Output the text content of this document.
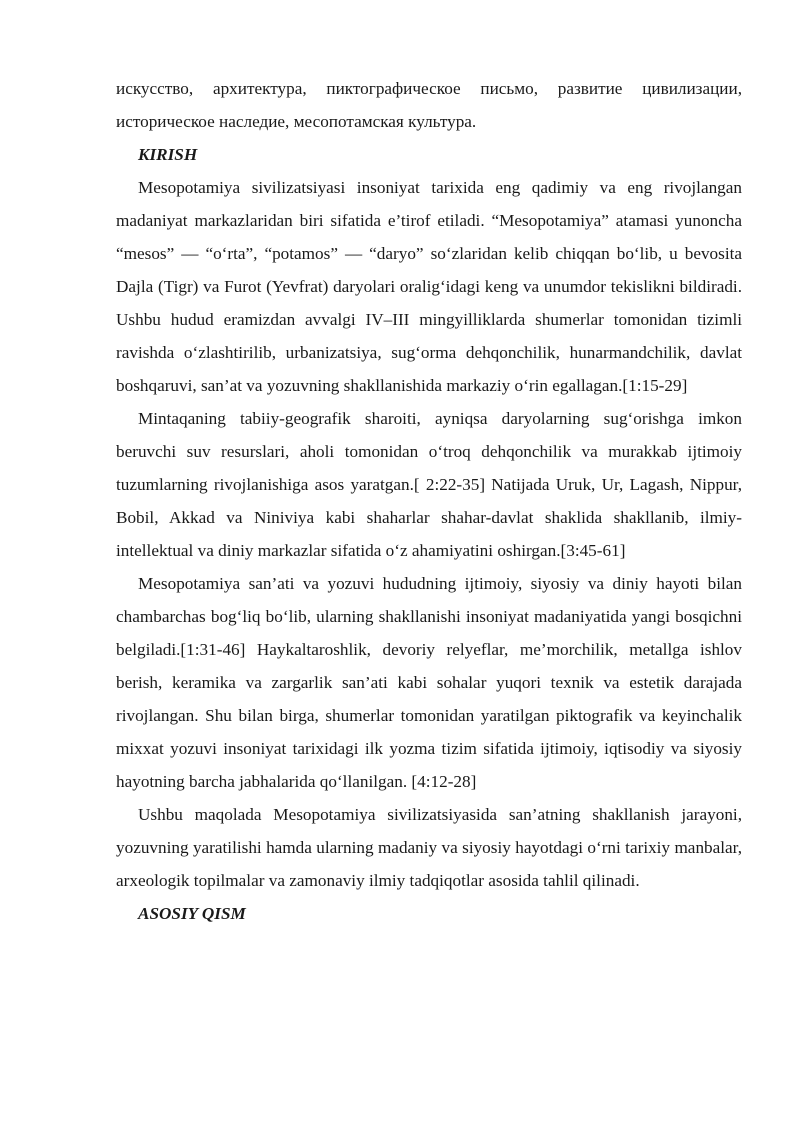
искусство, архитектура, пиктографическое письмо, развитие цивилизации, историческое наследие, месопотамская культура.

KIRISH

Mesopotamiya sivilizatsiyasi insoniyat tarixida eng qadimiy va eng rivojlangan madaniyat markazlaridan biri sifatida e’tirof etiladi. “Mesopotamiya” atamasi yunoncha “mesos” — “o‘rta”, “potamos” — “daryo” so‘zlaridan kelib chiqqan bo‘lib, u bevosita Dajla (Tigr) va Furot (Yevfrat) daryolari oralig‘idagi keng va unumdor tekislikni bildiradi. Ushbu hudud eramizdan avvalgi IV–III mingyilliklarda shumerlar tomonidan tizimli ravishda o‘zlashtirilib, urbanizatsiya, sug‘orma dehqonchilik, hunarmandchilik, davlat boshqaruvi, san’at va yozuvning shakllanishida markaziy o‘rin egallagan.[1:15-29]

Mintaqaning tabiiy-geografik sharoiti, ayniqsa daryolarning sug‘orishga imkon beruvchi suv resurslari, aholi tomonidan o‘troq dehqonchilik va murakkab ijtimoiy tuzumlarning rivojlanishiga asos yaratgan.[ 2:22-35] Natijada Uruk, Ur, Lagash, Nippur, Bobil, Akkad va Niniviya kabi shaharlar shahar-davlat shaklida shakllanib, ilmiy-intellektual va diniy markazlar sifatida o‘z ahamiyatini oshirgan.[3:45-61]

Mesopotamiya san’ati va yozuvi hududning ijtimoiy, siyosiy va diniy hayoti bilan chambarchas bog‘liq bo‘lib, ularning shakllanishi insoniyat madaniyatida yangi bosqichni belgiladi.[1:31-46] Haykaltaroshlik, devoriy relyeflar, me’morchilik, metallga ishlov berish, keramika va zargarlik san’ati kabi sohalar yuqori texnik va estetik darajada rivojlangan. Shu bilan birga, shumerlar tomonidan yaratilgan piktografik va keyinchalik mixxat yozuvi insoniyat tarixidagi ilk yozma tizim sifatida ijtimoiy, iqtisodiy va siyosiy hayotning barcha jabhalarida qo‘llanilgan. [4:12-28]

Ushbu maqolada Mesopotamiya sivilizatsiyasida san’atning shakllanish jarayoni, yozuvning yaratilishi hamda ularning madaniy va siyosiy hayotdagi o‘rni tarixiy manbalar, arxeologik topilmalar va zamonaviy ilmiy tadqiqotlar asosida tahlil qilinadi.

ASOSIY QISM
